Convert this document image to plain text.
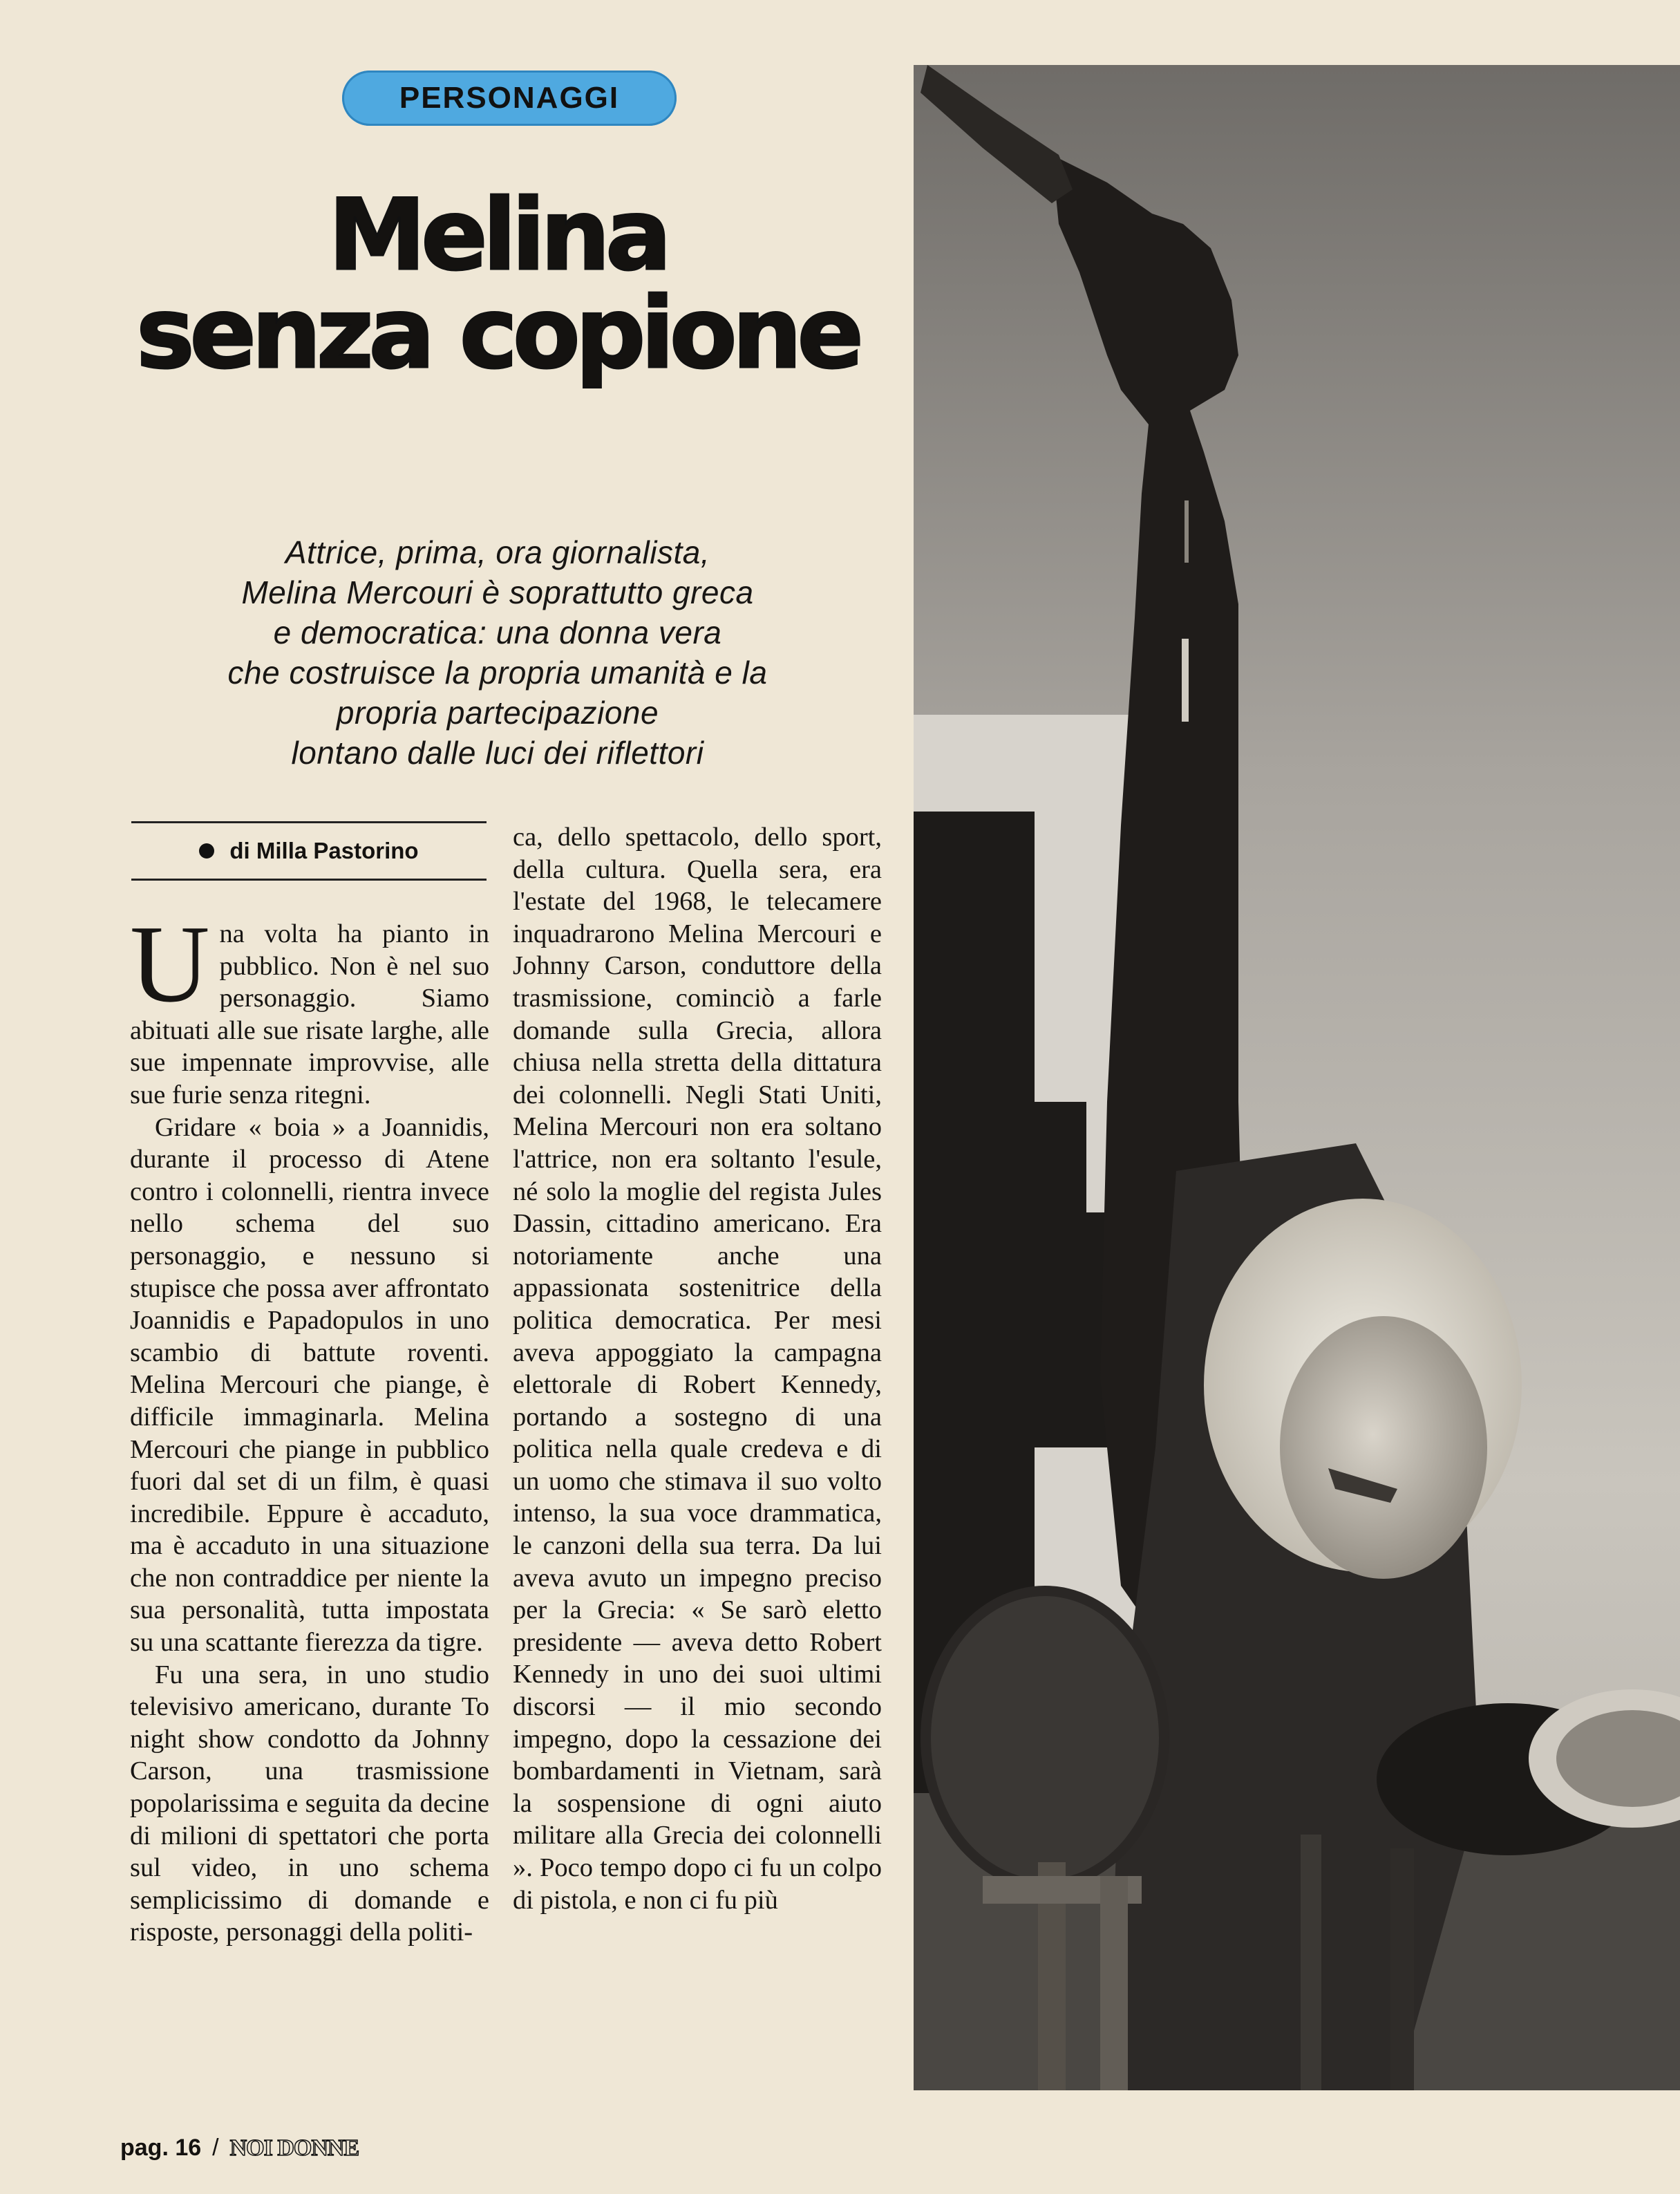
PERSONAGGI
Melina
senza copione
Attrice, prima, ora giornalista,
Melina Mercouri è soprattutto greca
e democratica: una donna vera
che costruisce la propria umanità e la
propria partecipazione
lontano dalle luci dei riflettori
di Milla Pastorino

Una volta ha pianto in pubblico. Non è nel suo personaggio. Siamo abituati alle sue risate larghe, alle sue impennate improvvise, alle sue furie senza ritegni.

Gridare « boia » a Joannidis, durante il processo di Atene contro i colonnelli, rientra invece nello schema del suo personaggio, e nessuno si stupisce che possa aver affrontato Joannidis e Papadopulos in uno scambio di battute roventi. Melina Mercouri che piange, è difficile immaginarla. Melina Mercouri che piange in pubblico fuori dal set di un film, è quasi incredibile. Eppure è accaduto, ma è accaduto in una situazione che non contraddice per niente la sua personalità, tutta impostata su una scattante fierezza da tigre.

Fu una sera, in uno studio televisivo americano, durante To night show condotto da Johnny Carson, una trasmissione popolarissima e seguita da decine di milioni di spettatori che porta sul video, in uno schema semplicissimo di domande e risposte, personaggi della politi-

ca, dello spettacolo, dello sport, della cultura. Quella sera, era l'estate del 1968, le telecamere inquadrarono Melina Mercouri e Johnny Carson, conduttore della trasmissione, cominciò a farle domande sulla Grecia, allora chiusa nella stretta della dittatura dei colonnelli. Negli Stati Uniti, Melina Mercouri non era soltano l'attrice, non era soltanto l'esule, né solo la moglie del regista Jules Dassin, cittadino americano. Era notoriamente anche una appassionata sostenitrice della politica democratica. Per mesi aveva appoggiato la campagna elettorale di Robert Kennedy, portando a sostegno di una politica nella quale credeva e di un uomo che stimava il suo volto intenso, la sua voce drammatica, le canzoni della sua terra. Da lui aveva avuto un impegno preciso per la Grecia: « Se sarò eletto presidente — aveva detto Robert Kennedy in uno dei suoi ultimi discorsi — il mio secondo impegno, dopo la cessazione dei bombardamenti in Vietnam, sarà la sospensione di ogni aiuto militare alla Grecia dei colonnelli ». Poco tempo dopo ci fu un colpo di pistola, e non ci fu più

pag. 16 / NOI DONNE
